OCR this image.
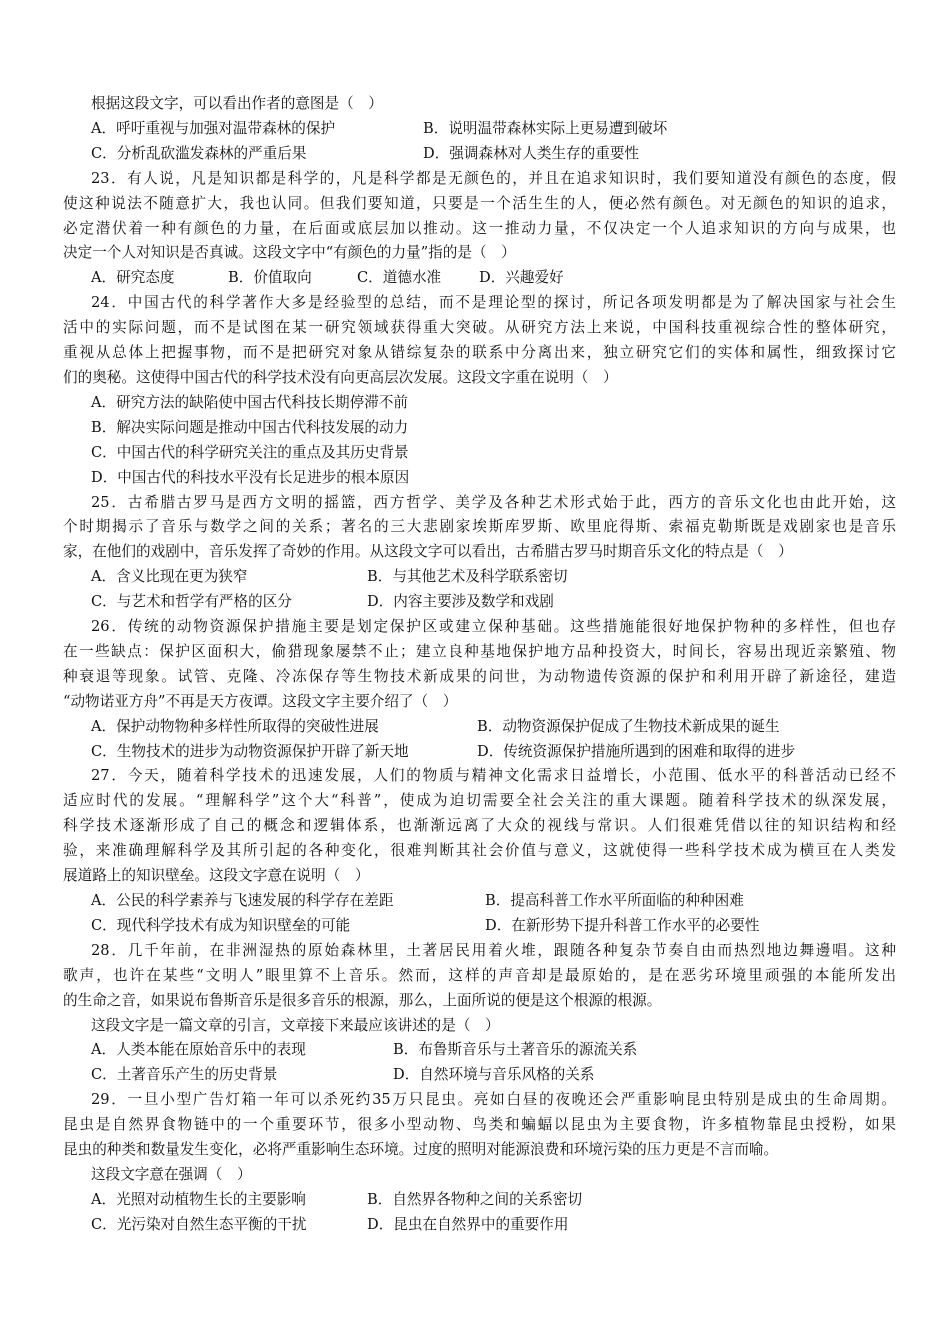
根据这段文字，可以看出作者的意图是（　）
A．呼吁重视与加强对温带森林的保护	B．说明温带森林实际上更易遭到破坏
C．分析乱砍滥发森林的严重后果	D．强调森林对人类生存的重要性
23．有人说，凡是知识都是科学的，凡是科学都是无颜色的，并且在追求知识时，我们要知道没有颜色的态度，假
使这种说法不随意扩大，我也认同。但我们要知道，只要是一个活生生的人，便必然有颜色。对无颜色的知识的追求，
必定潜伏着一种有颜色的力量，在后面或底层加以推动。这一推动力量，不仅决定一个人追求知识的方向与成果，也
决定一个人对知识是否真诚。这段文字中“有颜色的力量”指的是（　）
A．研究态度	B．价值取向	C．道德水准	D．兴趣爱好
24．中国古代的科学著作大多是经验型的总结，而不是理论型的探讨，所记各项发明都是为了解决国家与社会生
活中的实际问题，而不是试图在某一研究领域获得重大突破。从研究方法上来说，中国科技重视综合性的整体研究，
重视从总体上把握事物，而不是把研究对象从错综复杂的联系中分离出来，独立研究它们的实体和属性，细致探讨它
们的奥秘。这使得中国古代的科学技术没有向更高层次发展。这段文字重在说明（　）
A．研究方法的缺陷使中国古代科技长期停滞不前
B．解决实际问题是推动中国古代科技发展的动力
C．中国古代的科学研究关注的重点及其历史背景
D．中国古代的科技水平没有长足进步的根本原因
25．古希腊古罗马是西方文明的摇篮，西方哲学、美学及各种艺术形式始于此，西方的音乐文化也由此开始，这
个时期揭示了音乐与数学之间的关系；著名的三大悲剧家埃斯库罗斯、欧里庇得斯、索福克勒斯既是戏剧家也是音乐
家，在他们的戏剧中，音乐发挥了奇妙的作用。从这段文字可以看出，古希腊古罗马时期音乐文化的特点是（　）
A．含义比现在更为狭窄	B．与其他艺术及科学联系密切
C．与艺术和哲学有严格的区分	D．内容主要涉及数学和戏剧
26．传统的动物资源保护措施主要是划定保护区或建立保种基础。这些措施能很好地保护物种的多样性，但也存
在一些缺点：保护区面积大，偷猎现象屡禁不止；建立良种基地保护地方品种投资大，时间长，容易出现近亲繁殖、物
种衰退等现象。试管、克隆、冷冻保存等生物技术新成果的问世，为动物遗传资源的保护和利用开辟了新途径，建造
“动物诺亚方舟”不再是天方夜谭。这段文字主要介绍了（　）
A．保护动物物种多样性所取得的突破性进展	B．动物资源保护促成了生物技术新成果的诞生
C．生物技术的进步为动物资源保护开辟了新天地	D．传统资源保护措施所遇到的困难和取得的进步
27．今天，随着科学技术的迅速发展，人们的物质与精神文化需求日益增长，小范围、低水平的科普活动已经不
适应时代的发展。“理解科学”这个大“科普”，使成为迫切需要全社会关注的重大课题。随着科学技术的纵深发展，
科学技术逐渐形成了自己的概念和逻辑体系，也渐渐远离了大众的视线与常识。人们很难凭借以往的知识结构和经
验，来准确理解科学及其所引起的各种变化，很难判断其社会价值与意义，这就使得一些科学技术成为横亘在人类发
展道路上的知识壁垒。这段文字意在说明（　）
A．公民的科学素养与飞速发展的科学存在差距	B．提高科普工作水平所面临的种种困难
C．现代科学技术有成为知识壁垒的可能	D．在新形势下提升科普工作水平的必要性
28．几千年前，在非洲湿热的原始森林里，土著居民用着火堆，跟随各种复杂节奏自由而热烈地边舞邊唱。这种
歌声，也许在某些“文明人”眼里算不上音乐。然而，这样的声音却是最原始的，是在恶劣环境里顽强的本能所发出
的生命之音，如果说布鲁斯音乐是很多音乐的根源，那么，上面所说的便是这个根源的根源。
这段文字是一篇文章的引言，文章接下来最应该讲述的是（　）
A．人类本能在原始音乐中的表现	B．布鲁斯音乐与土著音乐的源流关系
C．土著音乐产生的历史背景	D．自然环境与音乐风格的关系
29．一旦小型广告灯箱一年可以杀死约35万只昆虫。亮如白昼的夜晚还会严重影响昆虫特别是成虫的生命周期。
昆虫是自然界食物链中的一个重要环节，很多小型动物、鸟类和蝙蝠以昆虫为主要食物，许多植物靠昆虫授粉，如果
昆虫的种类和数量发生变化，必将严重影响生态环境。过度的照明对能源浪费和环境污染的压力更是不言而喻。
这段文字意在强调（　）
A．光照对动植物生长的主要影响	B．自然界各物种之间的关系密切
C．光污染对自然生态平衡的干扰	D．昆虫在自然界中的重要作用
